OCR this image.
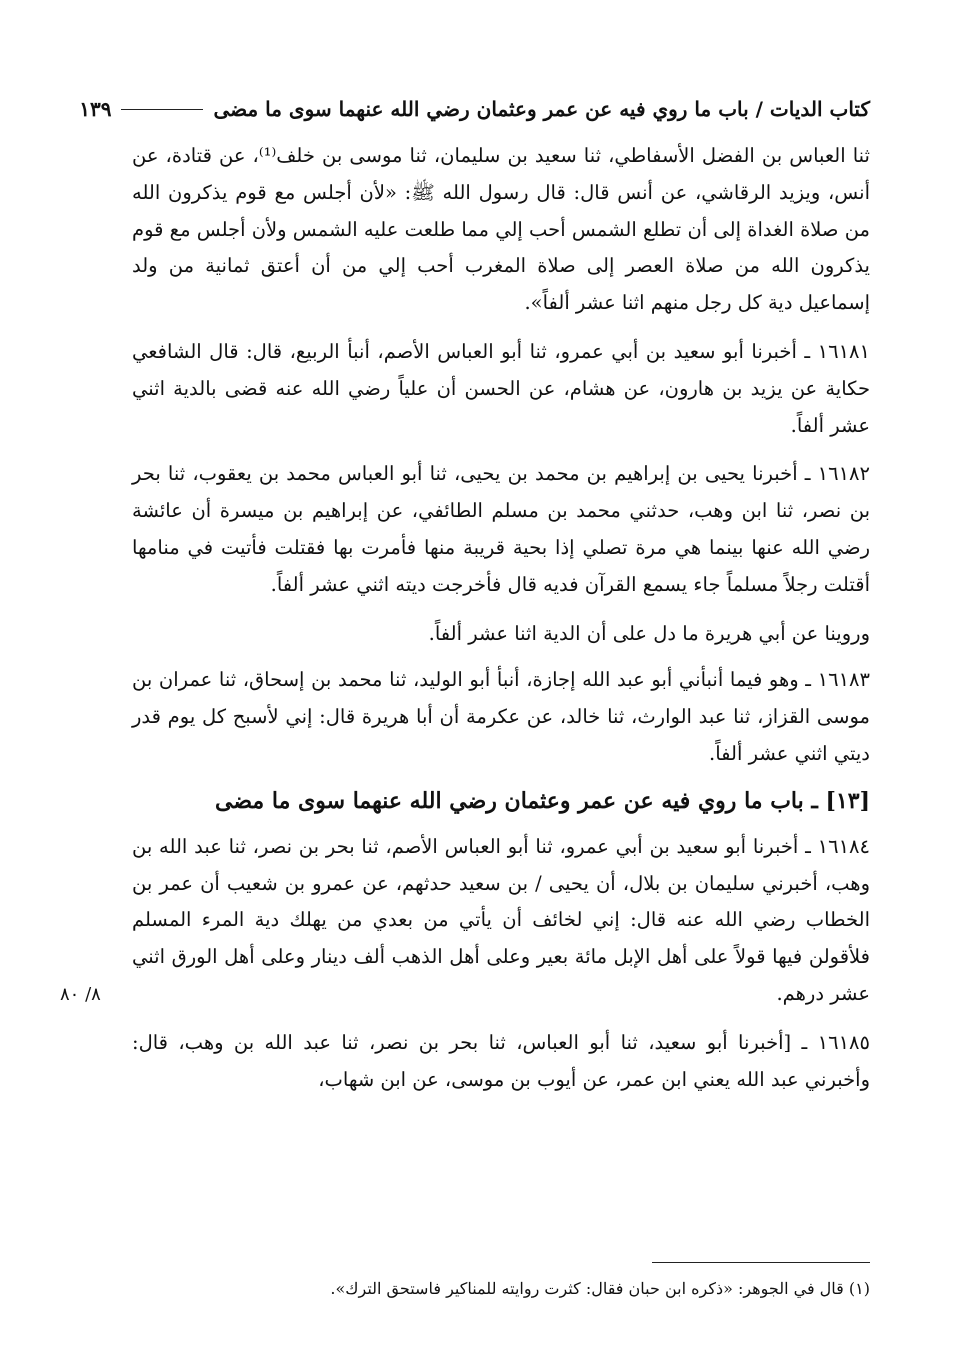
كتاب الديات / باب ما روي فيه عن عمر وعثمان رضي الله عنهما سوى ما مضى
١٣٩

ثنا العباس بن الفضل الأسفاطي، ثنا سعيد بن سليمان، ثنا موسى بن خلف⁽¹⁾، عن قتادة، عن أنس، ويزيد الرقاشي، عن أنس قال: قال رسول الله ﷺ: «لأن أجلس مع قوم يذكرون الله من صلاة الغداة إلى أن تطلع الشمس أحب إلي مما طلعت عليه الشمس ولأن أجلس مع قوم يذكرون الله من صلاة العصر إلى صلاة المغرب أحب إلي من أن أعتق ثمانية من ولد إسماعيل دية كل رجل منهم اثنا عشر ألفاً».

١٦١٨١ ـ أخبرنا أبو سعيد بن أبي عمرو، ثنا أبو العباس الأصم، أنبأ الربيع، قال: قال الشافعي حكاية عن يزيد بن هارون، عن هشام، عن الحسن أن علياً رضي الله عنه قضى بالدية اثني عشر ألفاً.

١٦١٨٢ ـ أخبرنا يحيى بن إبراهيم بن محمد بن يحيى، ثنا أبو العباس محمد بن يعقوب، ثنا بحر بن نصر، ثنا ابن وهب، حدثني محمد بن مسلم الطائفي، عن إبراهيم بن ميسرة أن عائشة رضي الله عنها بينما هي مرة تصلي إذا بحية قريبة منها فأمرت بها فقتلت فأتيت في منامها أقتلت رجلاً مسلماً جاء يسمع القرآن فديه قال فأخرجت ديته اثني عشر ألفاً.

وروينا عن أبي هريرة ما دل على أن الدية اثنا عشر ألفاً.

١٦١٨٣ ـ وهو فيما أنبأني أبو عبد الله إجازة، أنبأ أبو الوليد، ثنا محمد بن إسحاق، ثنا عمران بن موسى القزاز، ثنا عبد الوارث، ثنا خالد، عن عكرمة أن أبا هريرة قال: إني لأسبح كل يوم قدر ديتي اثني عشر ألفاً.

[١٣] ـ باب ما روي فيه عن عمر وعثمان رضي الله عنهما سوى ما مضى

١٦١٨٤ ـ أخبرنا أبو سعيد بن أبي عمرو، ثنا أبو العباس الأصم، ثنا بحر بن نصر، ثنا عبد الله بن وهب، أخبرني سليمان بن بلال، أن يحيى / بن سعيد حدثهم، عن عمرو بن شعيب أن عمر بن الخطاب رضي الله عنه قال: إني لخائف أن يأتي من بعدي من يهلك دية المرء المسلم فلأقولن فيها قولاً على أهل الإبل مائة بعير وعلى أهل الذهب ألف دينار وعلى أهل الورق اثني عشر درهم.

١٦١٨٥ ـ [أخبرنا أبو سعيد، ثنا أبو العباس، ثنا بحر بن نصر، ثنا عبد الله بن وهب، قال: وأخبرني عبد الله يعني ابن عمر، عن أيوب بن موسى، عن ابن شهاب،

٨/ ٨٠
(١) قال في الجوهر: «ذكره ابن حبان فقال: كثرت روايته للمناكير فاستحق الترك».
